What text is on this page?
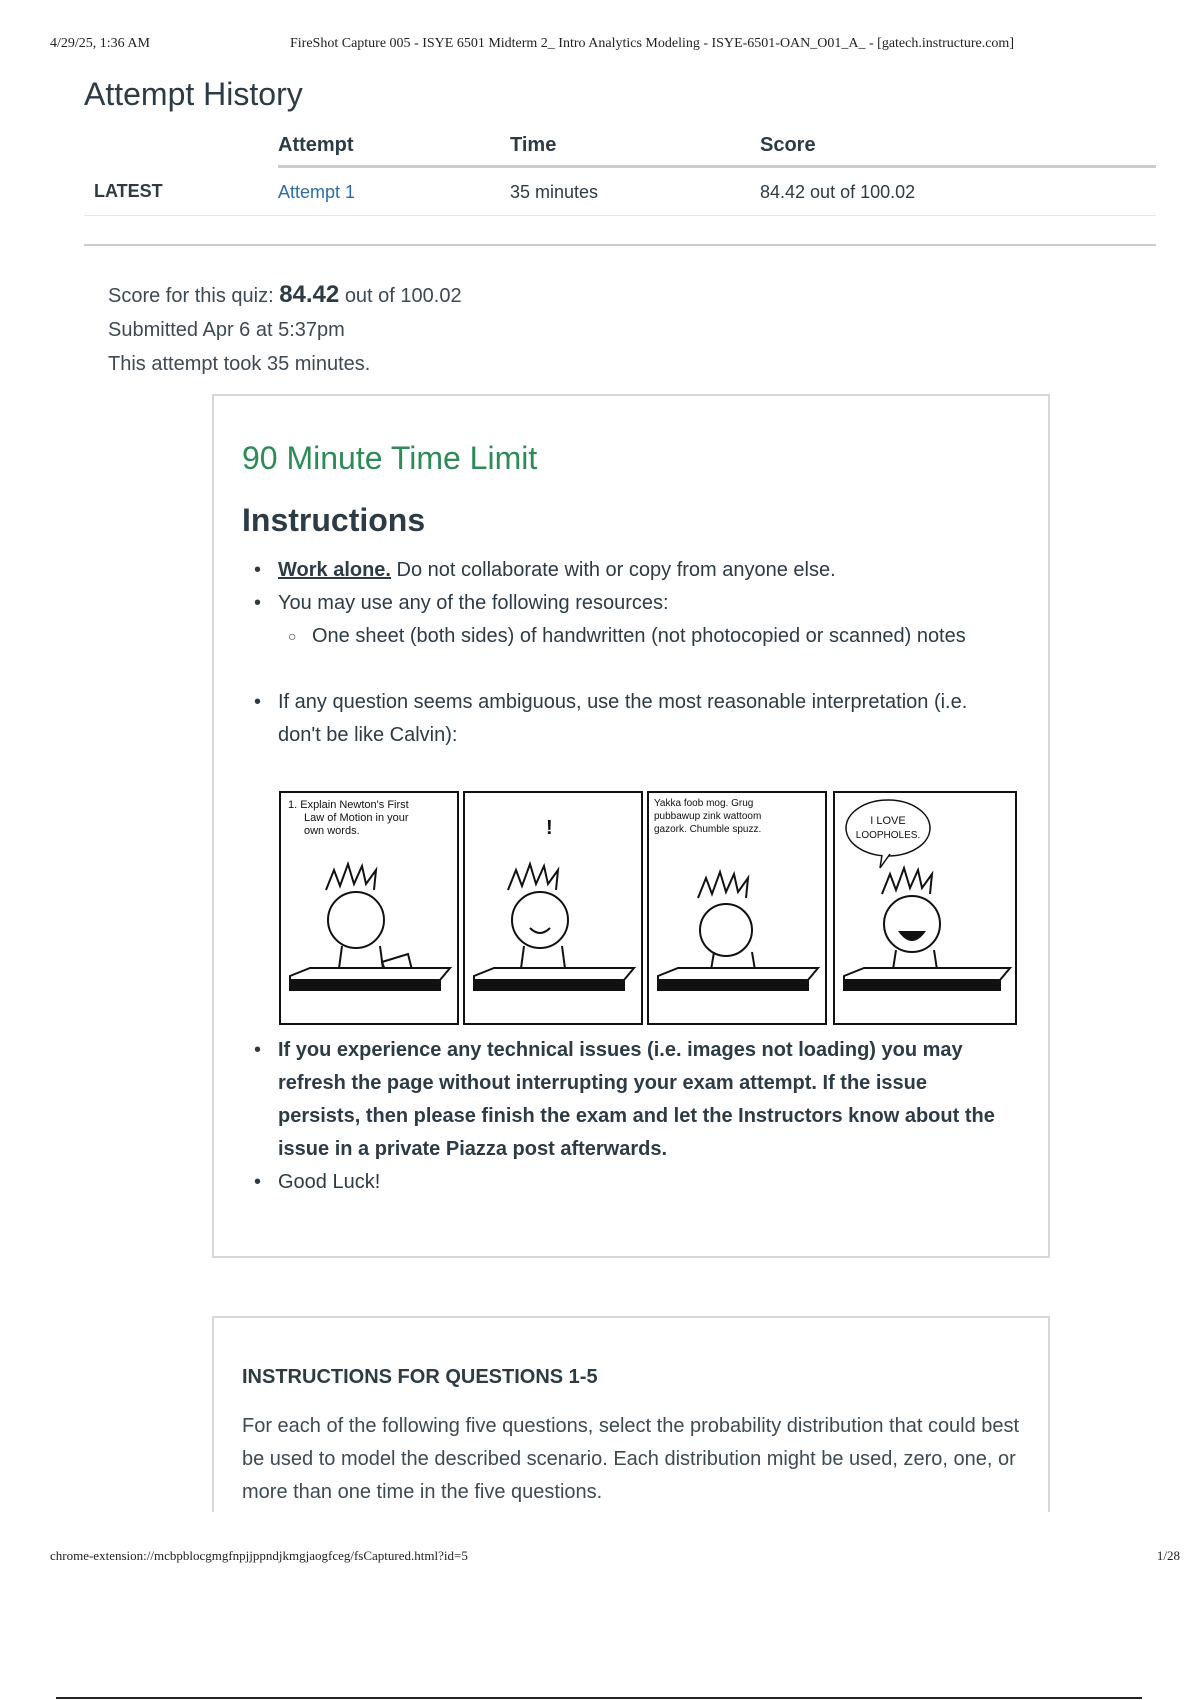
4/29/25, 1:36 AM	FireShot Capture 005 - ISYE 6501 Midterm 2_ Intro Analytics Modeling - ISYE-6501-OAN_O01_A_ - [gatech.instructure.com]
Attempt History
	Attempt	Time	Score
LATEST	Attempt 1	35 minutes	84.42 out of 100.02
Score for this quiz: 84.42 out of 100.02
Submitted Apr 6 at 5:37pm
This attempt took 35 minutes.
90 Minute Time Limit
Instructions
• Work alone. Do not collaborate with or copy from anyone else.
• You may use any of the following resources:
○ One sheet (both sides) of handwritten (not photocopied or scanned) notes
• If any question seems ambiguous, use the most reasonable interpretation (i.e. don't be like Calvin):
1. Explain Newton's First
Law of Motion in your
own words.	!
Yakka foob mog. Grug
pubbawup zink wattoom
gazork. Chumble spuzz.
I LOVE
LOOPHOLES.
• If you experience any technical issues (i.e. images not loading) you may refresh the page without interrupting your exam attempt. If the issue persists, then please finish the exam and let the Instructors know about the issue in a private Piazza post afterwards.
• Good Luck!
INSTRUCTIONS FOR QUESTIONS 1-5
For each of the following five questions, select the probability distribution that could best be used to model the described scenario. Each distribution might be used, zero, one, or more than one time in the five questions.
chrome-extension://mcbpblocgmgfnpjjppndjkmgjaogfceg/fsCaptured.html?id=5	1/28
